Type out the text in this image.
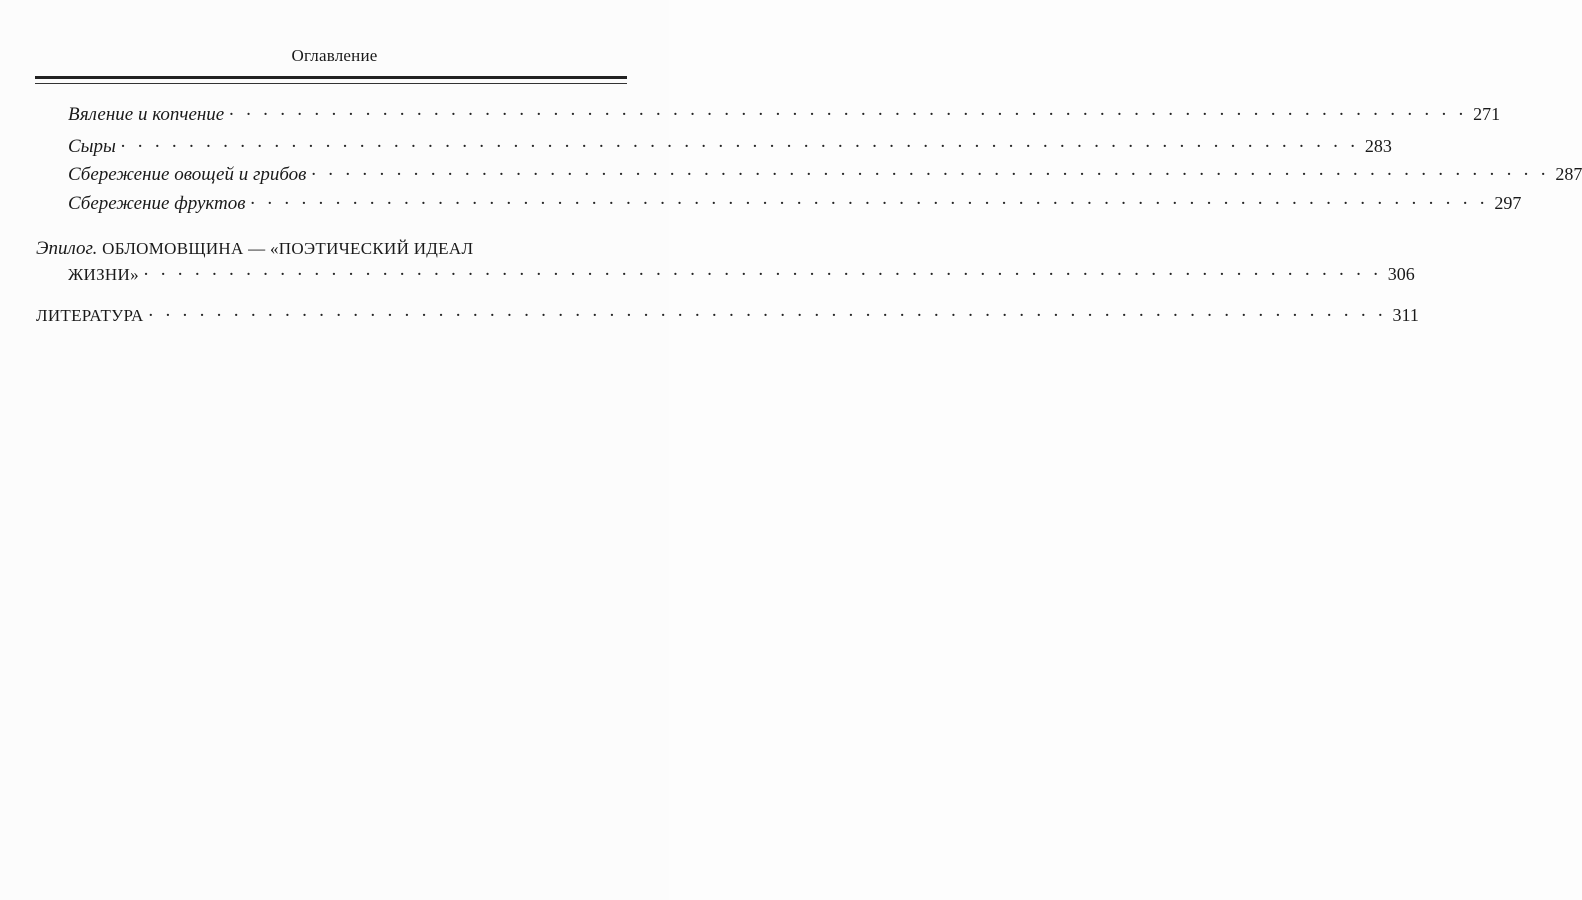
Оглавление
Вяление и копчение · · · · · · · · · · · · · · · · · · · · · · · · · · · · · · · · · · · · · · · · · · · · · · · · · · · · · · · · · · · · · · · · · · · · · · · · · 271
Сыры · · · · · · · · · · · · · · · · · · · · · · · · · · · · · · · · · · · · · · · · · · · · · · · · · · · · · · · · · · · · · · · · · · · · · · · · · 283
Сбережение овощей и грибов · · · · · · · · · · · · · · · · · · · · · · · · · · · · · · · · · · · · · · · · · · · · · · · · · · · · · · · · · · · · · · · · · · · · · · · · · 287
Сбережение фруктов · · · · · · · · · · · · · · · · · · · · · · · · · · · · · · · · · · · · · · · · · · · · · · · · · · · · · · · · · · · · · · · · · · · · · · · · · 297
Эпилог. ОБЛОМОВЩИНА — «ПОЭТИЧЕСКИЙ ИДЕАЛ
ЖИЗНИ» · · · · · · · · · · · · · · · · · · · · · · · · · · · · · · · · · · · · · · · · · · · · · · · · · · · · · · · · · · · · · · · · · · · · · · · · · 306
ЛИТЕРАТУРА · · · · · · · · · · · · · · · · · · · · · · · · · · · · · · · · · · · · · · · · · · · · · · · · · · · · · · · · · · · · · · · · · · · · · · · · · 311
